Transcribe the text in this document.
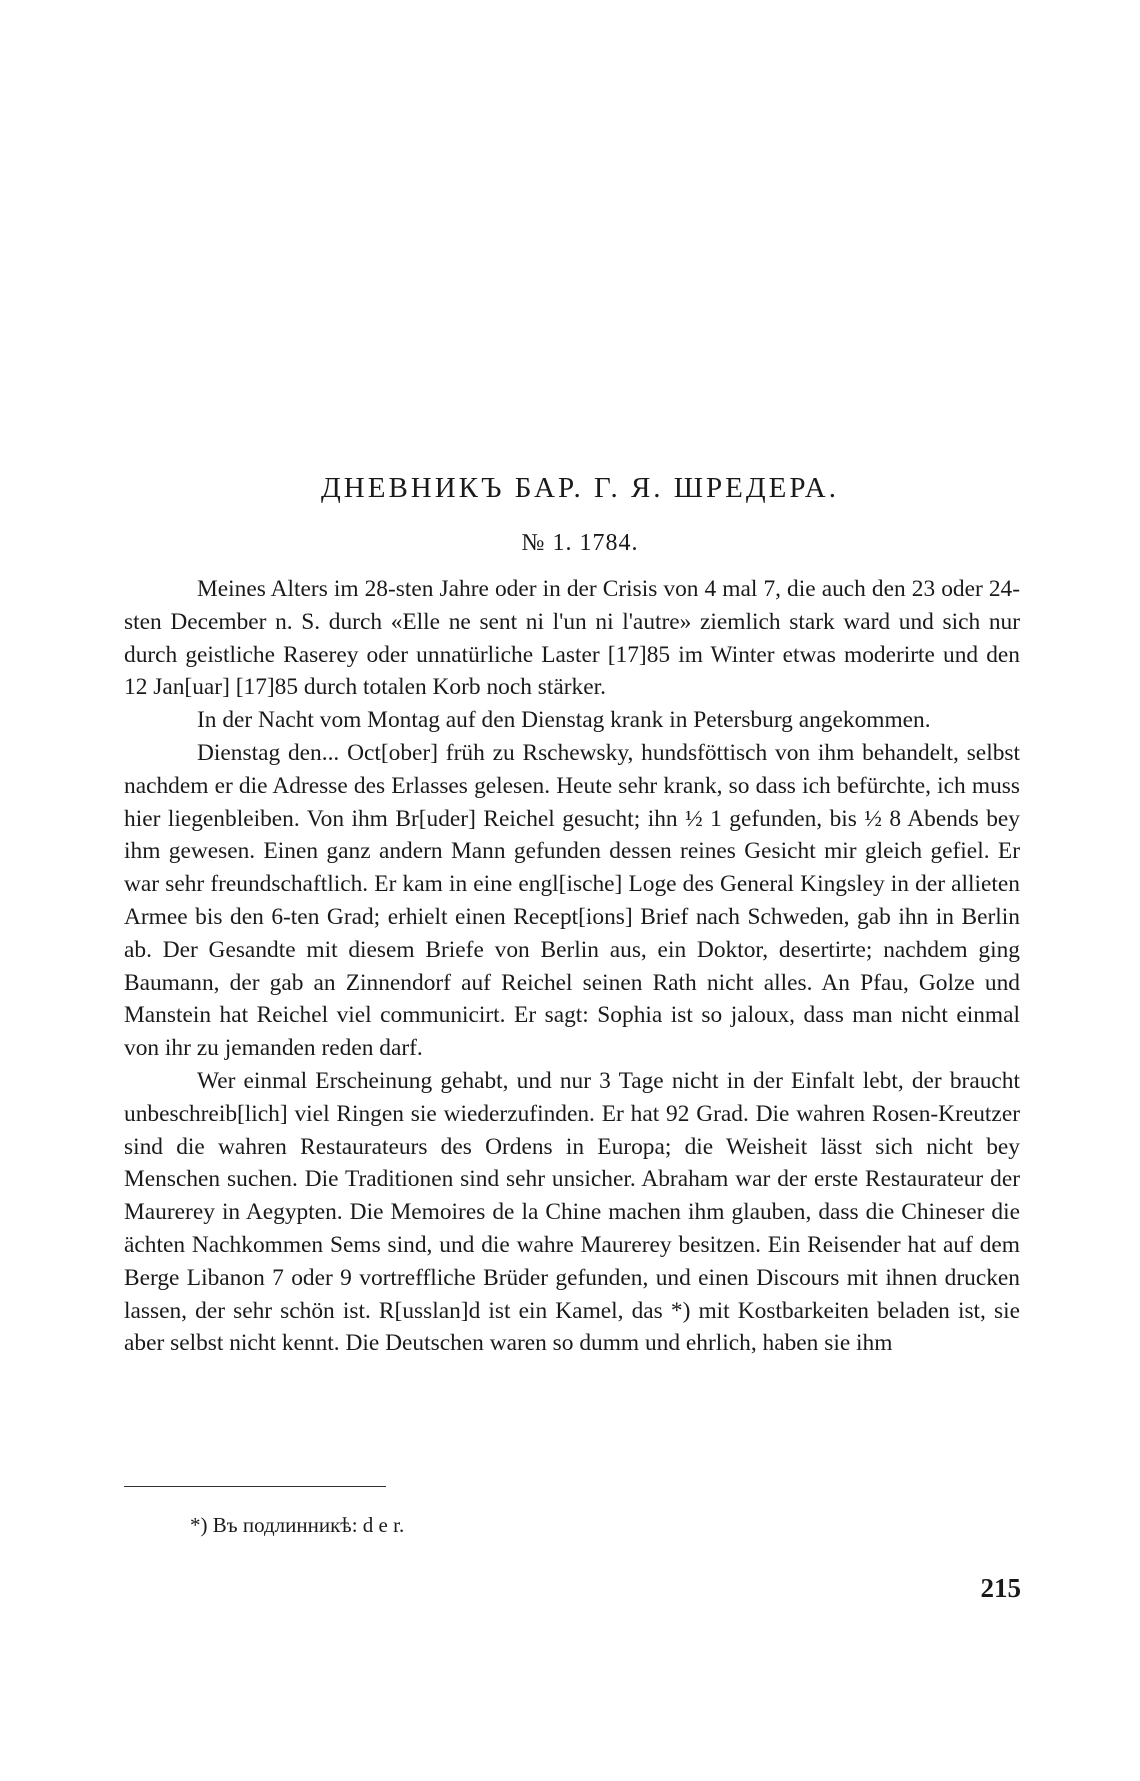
ДНЕВНИКЪ БАР. Г. Я. ШРЕДЕРА.
№ 1. 1784.

Meines Alters im 28-sten Jahre oder in der Crisis von 4 mal 7, die auch den 23 oder 24-sten December n. S. durch «Elle ne sent ni l'un ni l'autre» ziemlich stark ward und sich nur durch geistliche Raserey oder unnatürliche Laster [17]85 im Winter etwas moderirte und den 12 Jan[uar] [17]85 durch totalen Korb noch stärker.

In der Nacht vom Montag auf den Dienstag krank in Petersburg angekommen.

Dienstag den... Oct[ober] früh zu Rschewsky, hundsföttisch von ihm behandelt, selbst nachdem er die Adresse des Erlasses gelesen. Heute sehr krank, so dass ich befürchte, ich muss hier liegenbleiben. Von ihm Br[uder] Reichel gesucht; ihn ½ 1 gefunden, bis ½ 8 Abends bey ihm gewesen. Einen ganz andern Mann gefunden dessen reines Gesicht mir gleich gefiel. Er war sehr freundschaftlich. Er kam in eine engl[ische] Loge des General Kingsley in der allieten Armee bis den 6-ten Grad; erhielt einen Recept[ions] Brief nach Schweden, gab ihn in Berlin ab. Der Gesandte mit diesem Briefe von Berlin aus, ein Doktor, desertirte; nachdem ging Baumann, der gab an Zinnendorf auf Reichel seinen Rath nicht alles. An Pfau, Golze und Manstein hat Reichel viel communicirt. Er sagt: Sophia ist so jaloux, dass man nicht einmal von ihr zu jemanden reden darf.

Wer einmal Erscheinung gehabt, und nur 3 Tage nicht in der Einfalt lebt, der braucht unbeschreib[lich] viel Ringen sie wiederzufinden. Er hat 92 Grad. Die wahren Rosen-Kreutzer sind die wahren Restaurateurs des Ordens in Europa; die Weisheit lässt sich nicht bey Menschen suchen. Die Traditionen sind sehr unsicher. Abraham war der erste Restaurateur der Maurerey in Aegypten. Die Memoires de la Chine machen ihm glauben, dass die Chineser die ächten Nachkommen Sems sind, und die wahre Maurerey besitzen. Ein Reisender hat auf dem Berge Libanon 7 oder 9 vortreffliche Brüder gefunden, und einen Discours mit ihnen drucken lassen, der sehr schön ist. R[usslan]d ist ein Kamel, das *) mit Kostbarkeiten beladen ist, sie aber selbst nicht kennt. Die Deutschen waren so dumm und ehrlich, haben sie ihm

*) Въ подлинникѣ: d e r.
215
